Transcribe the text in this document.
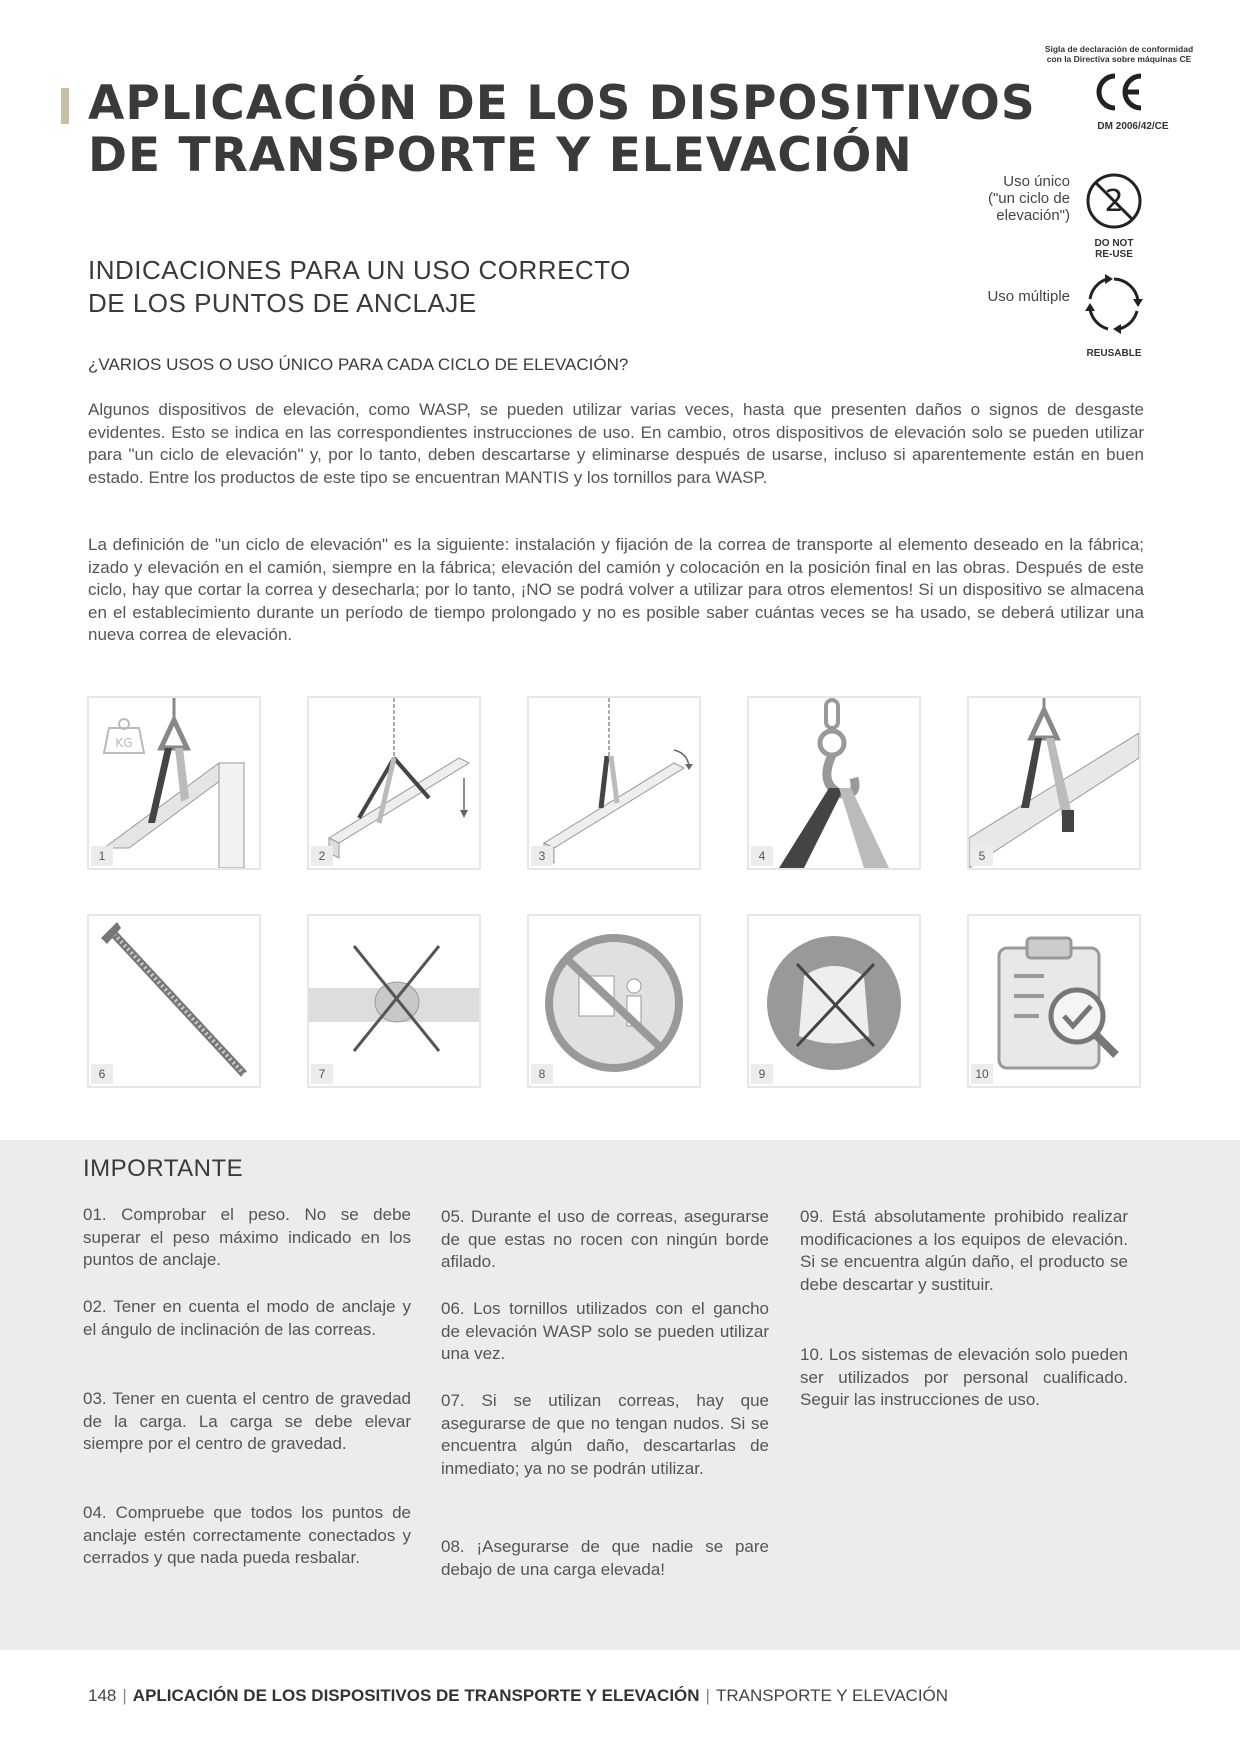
APLICACIÓN DE LOS DISPOSITIVOS
DE TRANSPORTE Y ELEVACIÓN
Sigla de declaración de conformidad
con la Directiva sobre máquinas CE
DM 2006/42/CE
Uso único
("un ciclo de
elevación") 2
DO NOT
RE-USE
Uso múltiple
REUSABLE
INDICACIONES PARA UN USO CORRECTO
DE LOS PUNTOS DE ANCLAJE
¿VARIOS USOS O USO ÚNICO PARA CADA CICLO DE ELEVACIÓN?

Algunos dispositivos de elevación, como WASP, se pueden utilizar varias veces, hasta que presenten daños o signos de desgaste evidentes. Esto se indica en las correspondientes instrucciones de uso. En cambio, otros dispositivos de elevación solo se pueden utilizar para "un ciclo de elevación" y, por lo tanto, deben descartarse y eliminarse después de usarse, incluso si aparentemente están en buen estado. Entre los productos de este tipo se encuentran MANTIS y los tornillos para WASP.

La definición de "un ciclo de elevación" es la siguiente: instalación y fijación de la correa de transporte al elemento deseado en la fábrica; izado y elevación en el camión, siempre en la fábrica; elevación del camión y colocación en la posición final en las obras. Después de este ciclo, hay que cortar la correa y desecharla; por lo tanto, ¡NO se podrá volver a utilizar para otros elementos! Si un dispositivo se almacena en el establecimiento durante un período de tiempo prolongado y no es posible saber cuántas veces se ha usado, se deberá utilizar una nueva correa de elevación.

KG
1	2	3	4	5
6	7	8	9	10
IMPORTANTE

01. Comprobar el peso. No se debe superar el peso máximo indicado en los puntos de anclaje.

02. Tener en cuenta el modo de anclaje y el ángulo de inclinación de las correas.

03. Tener en cuenta el centro de gravedad de la carga. La carga se debe elevar siempre por el centro de gravedad.

04. Compruebe que todos los puntos de anclaje estén correctamente conectados y cerrados y que nada pueda resbalar.

05. Durante el uso de correas, asegurarse de que estas no rocen con ningún borde afilado.

06. Los tornillos utilizados con el gancho de elevación WASP solo se pueden utilizar una vez.

07. Si se utilizan correas, hay que asegurarse de que no tengan nudos. Si se encuentra algún daño, descartarlas de inmediato; ya no se podrán utilizar.

08. ¡Asegurarse de que nadie se pare debajo de una carga elevada!

09. Está absolutamente prohibido realizar modificaciones a los equipos de elevación. Si se encuentra algún daño, el producto se debe descartar y sustituir.

10. Los sistemas de elevación solo pueden ser utilizados por personal cualificado. Seguir las instrucciones de uso.

148 | APLICACIÓN DE LOS DISPOSITIVOS DE TRANSPORTE Y ELEVACIÓN | TRANSPORTE Y ELEVACIÓN
